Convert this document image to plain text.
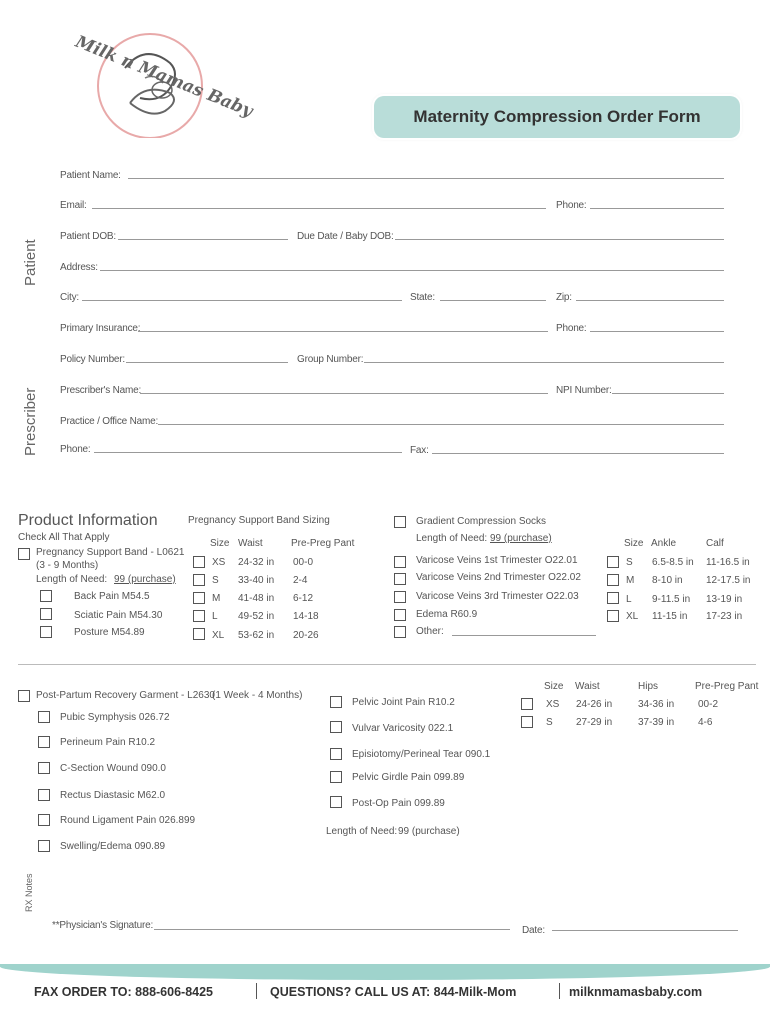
Milk n Mamas Baby	Maternity Compression Order Form
Patient
Patient Name:
Email:	Phone:
Patient DOB:	Due Date / Baby DOB:
Address:
City:	State:	Zip:
Primary Insurance:	Phone:
Policy Number:	Group Number:
Prescriber Prescriber's Name:	NPI Number:
Practice / Office Name:
Phone:	Fax:
Product Information
Check All That Apply
Pregnancy Support Band - L0621
(3 - 9 Months)
Length of Need: 99 (purchase)
Back Pain M54.5
Sciatic Pain M54.30
Posture M54.89
Pregnancy Support Band Sizing
Size Waist	Pre-Preg Pant
XS 24-32 in 00-0
S 33-40 in 2-4
M 41-48 in 6-12
L 49-52 in 14-18
XL 53-62 in 20-26
Gradient Compression Socks
Length of Need: 99 (purchase)
Varicose Veins 1st Trimester O22.01
Varicose Veins 2nd Trimester O22.02
Varicose Veins 3rd Trimester O22.03
Edema R60.9
Other:
Size Ankle	Calf
S 6.5-8.5 in 11-16.5 in
M 8-10 in 12-17.5 in
L 9-11.5 in 13-19 in
XL 11-15 in 17-23 in
Post-Partum Recovery Garment - L2630
(1 Week - 4 Months)
Pubic Symphysis 026.72
Perineum Pain R10.2
C-Section Wound 090.0
Rectus Diastasic M62.0
Round Ligament Pain 026.899
Swelling/Edema 090.89
Pelvic Joint Pain R10.2
Vulvar Varicosity 022.1
Episiotomy/Perineal Tear 090.1
Pelvic Girdle Pain 099.89
Post-Op Pain 099.89
Length of Need: 99 (purchase)
Size Waist	Hips	Pre-Preg Pant
XS 24-26 in	34-36 in 00-2
S 27-29 in	37-39 in 4-6
RX Notes
**Physician's Signature:	Date:
FAX ORDER TO: 888-606-8425	QUESTIONS? CALL US AT: 844-Milk-Mom	milknmamasbaby.com
